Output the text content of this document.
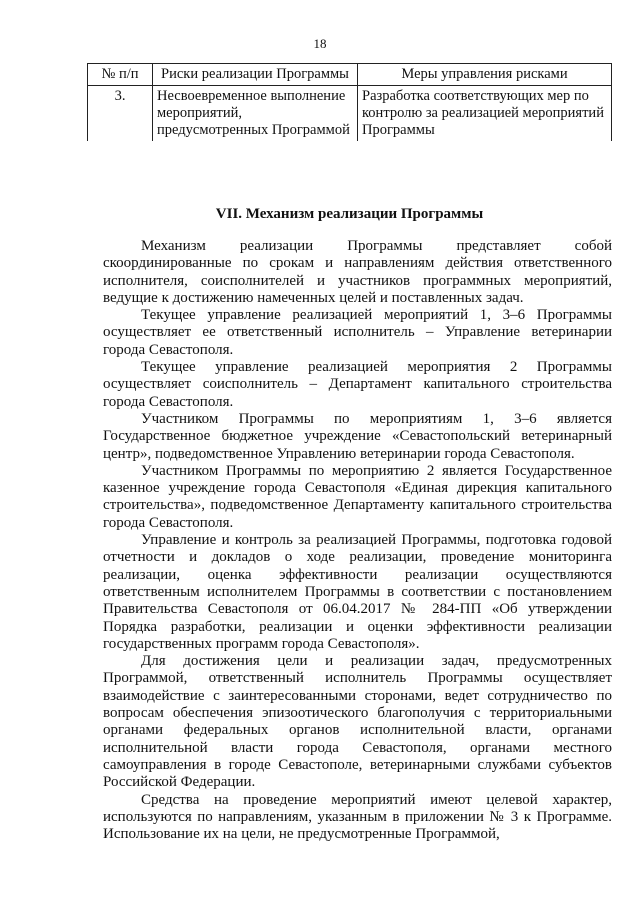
18
№ п/п	Риски реализации Программы	Меры управления рисками
3.	Несвоевременное выполнение мероприятий, предусмотренных Программой	Разработка соответствующих мер по контролю за реализацией мероприятий Программы
VII. Механизм реализации Программы

Механизм реализации Программы представляет собой скоординированные по срокам и направлениям действия ответственного исполнителя, соисполнителей и участников программных мероприятий, ведущие к достижению намеченных целей и поставленных задач.

Текущее управление реализацией мероприятий 1, 3–6 Программы осуществляет ее ответственный исполнитель – Управление ветеринарии города Севастополя.

Текущее управление реализацией мероприятия 2 Программы осуществляет соисполнитель – Департамент капитального строительства города Севастополя.

Участником Программы по мероприятиям 1, 3–6 является Государственное бюджетное учреждение «Севастопольский ветеринарный центр», подведомственное Управлению ветеринарии города Севастополя.

Участником Программы по мероприятию 2 является Государственное казенное учреждение города Севастополя «Единая дирекция капитального строительства», подведомственное Департаменту капитального строительства города Севастополя.

Управление и контроль за реализацией Программы, подготовка годовой отчетности и докладов о ходе реализации, проведение мониторинга реализации, оценка эффективности реализации осуществляются ответственным исполнителем Программы в соответствии с постановлением Правительства Севастополя от 06.04.2017 № 284-ПП «Об утверждении Порядка разработки, реализации и оценки эффективности реализации государственных программ города Севастополя».

Для достижения цели и реализации задач, предусмотренных Программой, ответственный исполнитель Программы осуществляет взаимодействие с заинтересованными сторонами, ведет сотрудничество по вопросам обеспечения эпизоотического благополучия с территориальными органами федеральных органов исполнительной власти, органами исполнительной власти города Севастополя, органами местного самоуправления в городе Севастополе, ветеринарными службами субъектов Российской Федерации.

Средства на проведение мероприятий имеют целевой характер, используются по направлениям, указанным в приложении № 3 к Программе. Использование их на цели, не предусмотренные Программой,
